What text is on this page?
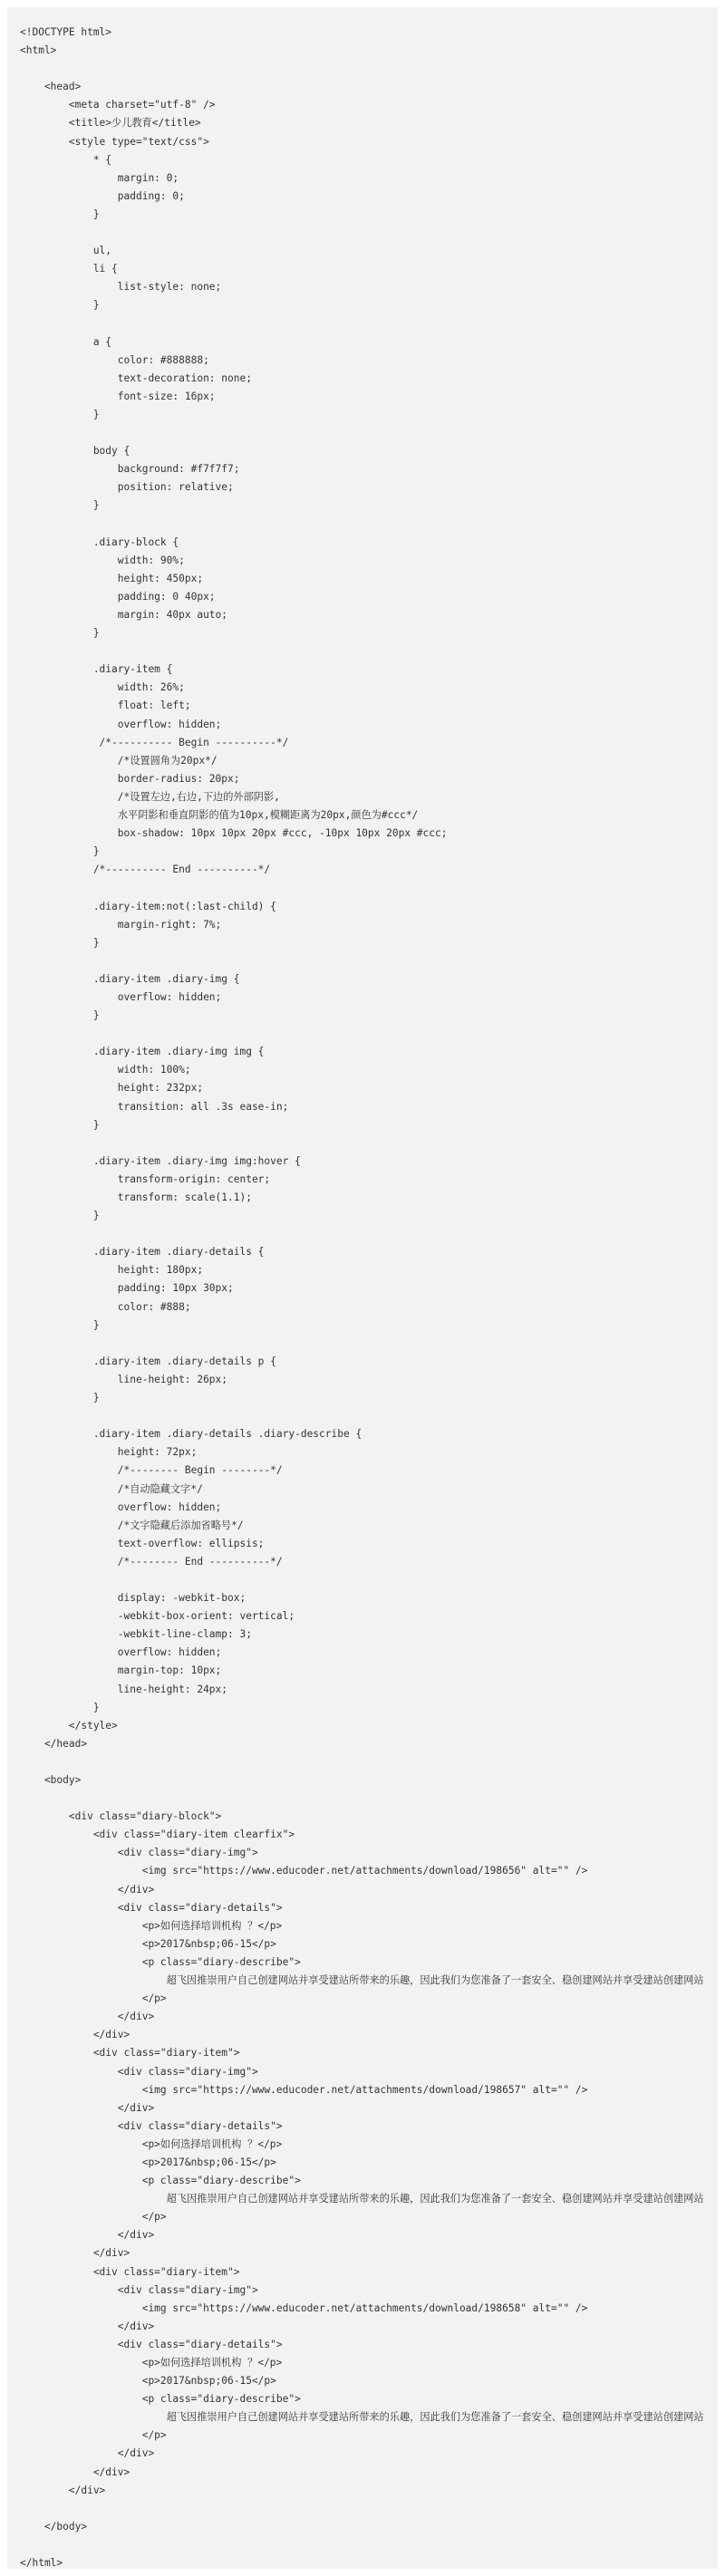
<!DOCTYPE html>
<html>
<head>
<meta charset="utf-8" />
<title>少儿教育</title>
<style type="text/css">
* {
margin: 0;
padding: 0;
}
ul,
li {
list-style: none;
}
a {
color: #888888;
text-decoration: none;
font-size: 16px;
}
body {
background: #f7f7f7;
position: relative;
}
.diary-block {
width: 90%;
height: 450px;
padding: 0 40px;
margin: 40px auto;
}
.diary-item {
width: 26%;
float: left;
overflow: hidden;
/*---------- Begin ----------*/
/*设置圆角为20px*/
border-radius: 20px;
/*设置左边,右边,下边的外部阴影,
水平阴影和垂直阴影的值为10px,模糊距离为20px,颜色为#ccc*/
box-shadow: 10px 10px 20px #ccc, -10px 10px 20px #ccc;
}
/*---------- End ----------*/
.diary-item:not(:last-child) {
margin-right: 7%;
}
.diary-item .diary-img {
overflow: hidden;
}
.diary-item .diary-img img {
width: 100%;
height: 232px;
transition: all .3s ease-in;
}
.diary-item .diary-img img:hover {
transform-origin: center;
transform: scale(1.1);
}
.diary-item .diary-details {
height: 180px;
padding: 10px 30px;
color: #888;
}
.diary-item .diary-details p {
line-height: 26px;
}
.diary-item .diary-details .diary-describe {
height: 72px;
/*-------- Begin --------*/
/*自动隐藏文字*/
overflow: hidden;
/*文字隐藏后添加省略号*/
text-overflow: ellipsis;
/*-------- End ----------*/
display: -webkit-box;
-webkit-box-orient: vertical;
-webkit-line-clamp: 3;
overflow: hidden;
margin-top: 10px;
line-height: 24px;
}
</style>
</head>
<body>
<div class="diary-block">
<div class="diary-item clearfix">
<div class="diary-img">
<img src="https://www.educoder.net/attachments/download/198656" alt="" />
</div>
<div class="diary-details">
<p>如何选择培训机构 ？</p>
<p>2017&nbsp;06-15</p>
<p class="diary-describe">
超飞因推崇用户自己创建网站并享受建站所带来的乐趣，因此我们为您准备了一套安全、稳创建网站并享受建站创建网站
</p>
</div>
</div>
<div class="diary-item">
<div class="diary-img">
<img src="https://www.educoder.net/attachments/download/198657" alt="" />
</div>
<div class="diary-details">
<p>如何选择培训机构 ？</p>
<p>2017&nbsp;06-15</p>
<p class="diary-describe">
超飞因推崇用户自己创建网站并享受建站所带来的乐趣，因此我们为您准备了一套安全、稳创建网站并享受建站创建网站
</p>
</div>
</div>
<div class="diary-item">
<div class="diary-img">
<img src="https://www.educoder.net/attachments/download/198658" alt="" />
</div>
<div class="diary-details">
<p>如何选择培训机构 ？</p>
<p>2017&nbsp;06-15</p>
<p class="diary-describe">
超飞因推崇用户自己创建网站并享受建站所带来的乐趣，因此我们为您准备了一套安全、稳创建网站并享受建站创建网站
</p>
</div>
</div>
</div>
</body>
</html>
